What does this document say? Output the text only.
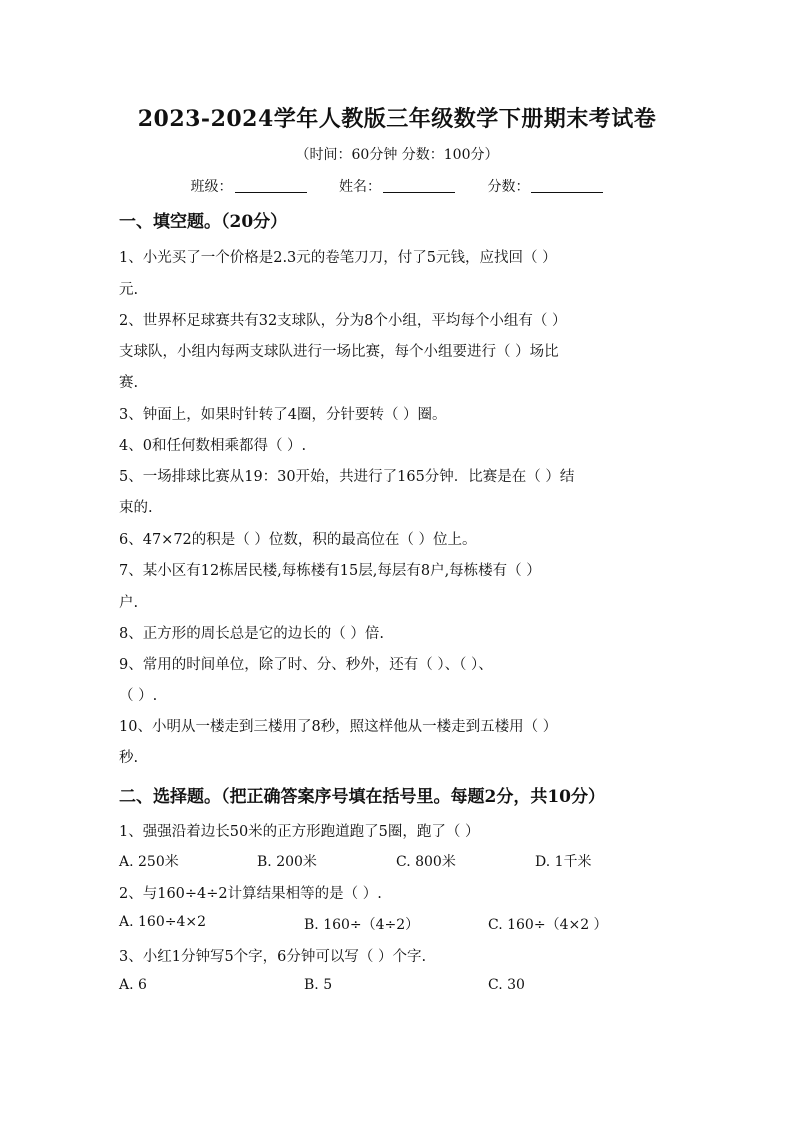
2023-2024学年人教版三年级数学下册期末考试卷
（时间：60分钟 分数：100分）
班级：	姓名：	分数：
一、填空题。（20分）
1、小光买了一个价格是2.3元的卷笔刀刀，付了5元钱，应找回（ ）
元.
2、世界杯足球赛共有32支球队，分为8个小组，平均每个小组有（ ）
支球队，小组内每两支球队进行一场比赛，每个小组要进行（ ）场比
赛.
3、钟面上，如果时针转了4圈，分针要转（ ）圈。
4、0和任何数相乘都得（ ）.
5、一场排球比赛从19：30开始，共进行了165分钟．比赛是在（ ）结
束的.
6、47×72的积是（ ）位数，积的最高位在（ ）位上。
7、某小区有12栋居民楼,每栋楼有15层,每层有8户,每栋楼有（ ）
户.
8、正方形的周长总是它的边长的（ ）倍.
9、常用的时间单位，除了时、分、秒外，还有（ ）、（ ）、
（ ）.
10、小明从一楼走到三楼用了8秒，照这样他从一楼走到五楼用（ ）
秒.
二、选择题。（把正确答案序号填在括号里。每题2分，共10分）
1、强强沿着边长50米的正方形跑道跑了5圈，跑了（ ）
A. 250米	B. 200米	C. 800米	D. 1千米
2、与160÷4÷2计算结果相等的是（ ）.
A. 160÷4×2	B. 160÷（4÷2）	C. 160÷（4×2 ）
3、小红1分钟写5个字，6分钟可以写（ ）个字.
A. 6	B. 5	C. 30
